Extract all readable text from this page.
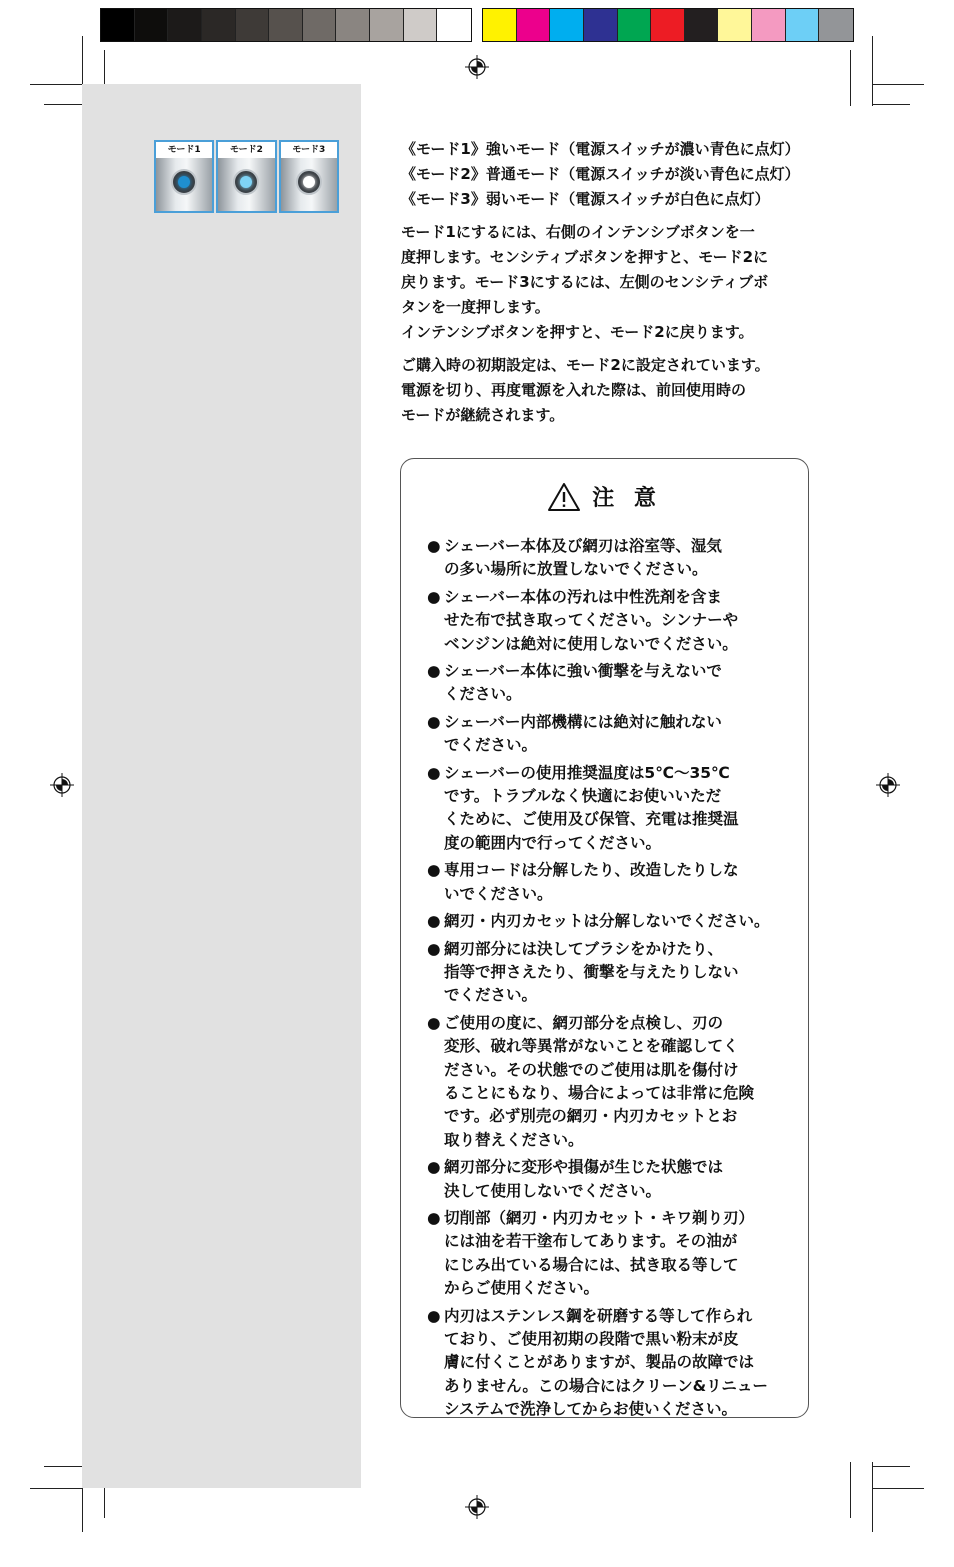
モード1	モード2	モード3	《モード1》強いモード（電源スイッチが濃い青色に点灯）
《モード2》普通モード（電源スイッチが淡い青色に点灯）
《モード3》弱いモード（電源スイッチが白色に点灯）
モード1にするには、右側のインテンシブボタンを一
度押します。センシティブボタンを押すと、モード2に
戻ります。モード3にするには、左側のセンシティブボ
タンを一度押します。
インテンシブボタンを押すと、モード2に戻ります。
ご購入時の初期設定は、モード2に設定されています。
電源を切り、再度電源を入れた際は、前回使用時の
モードが継続されます。
注 意
● シェーバー本体及び網刃は浴室等、湿気
の多い場所に放置しないでください。
● シェーバー本体の汚れは中性洗剤を含ま
せた布で拭き取ってください。シンナーや
ベンジンは絶対に使用しないでください。
● シェーバー本体に強い衝撃を与えないで
ください。
● シェーバー内部機構には絶対に触れない
でください。
● シェーバーの使用推奨温度は5℃〜35℃
です。トラブルなく快適にお使いいただ
くために、ご使用及び保管、充電は推奨温
度の範囲内で行ってください。
● 専用コードは分解したり、改造したりしな
いでください。
● 網刃・内刃カセットは分解しないでください。
● 網刃部分には決してブラシをかけたり、
指等で押さえたり、衝撃を与えたりしない
でください。
● ご使用の度に、網刃部分を点検し、刃の
変形、破れ等異常がないことを確認してく
ださい。その状態でのご使用は肌を傷付け
ることにもなり、場合によっては非常に危険
です。必ず別売の網刃・内刃カセットとお
取り替えください。
● 網刃部分に変形や損傷が生じた状態では
決して使用しないでください。
● 切削部（網刃・内刃カセット・キワ剃り刃）
には油を若干塗布してあります。その油が
にじみ出ている場合には、拭き取る等して
からご使用ください。
● 内刃はステンレス鋼を研磨する等して作られ
ており、ご使用初期の段階で黒い粉末が皮
膚に付くことがありますが、製品の故障では
ありません。この場合にはクリーン&リニュー
システムで洗浄してからお使いください。
